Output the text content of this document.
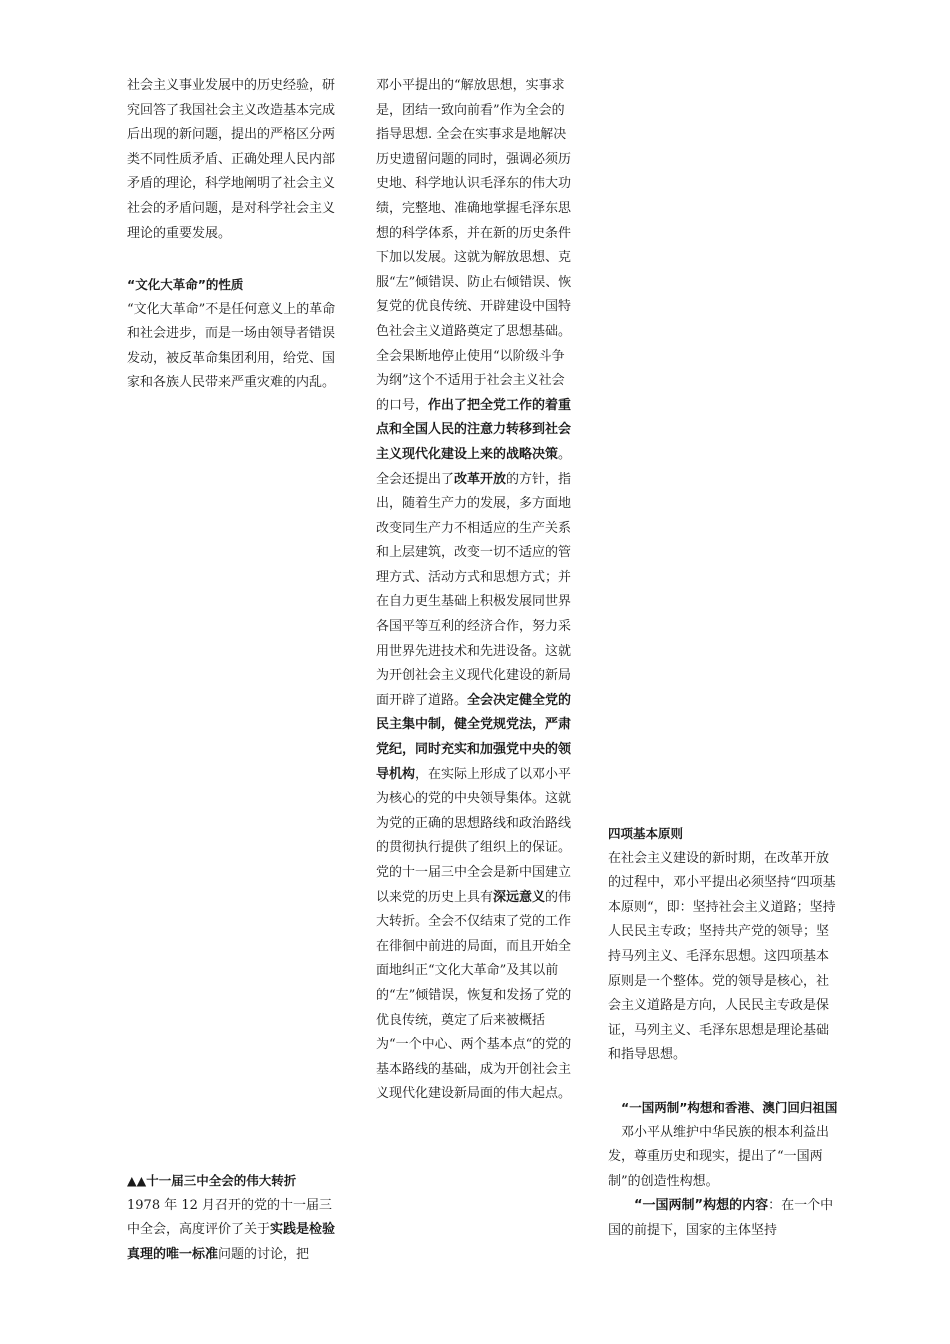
社会主义事业发展中的历史经验，研究回答了我国社会主义改造基本完成后出现的新问题，提出的严格区分两类不同性质矛盾、正确处理人民内部矛盾的理论，科学地阐明了社会主义社会的矛盾问题，是对科学社会主义理论的重要发展。

“文化大革命”的性质

“文化大革命”不是任何意义上的革命和社会进步，而是一场由领导者错误发动，被反革命集团利用，给党、国家和各族人民带来严重灾难的内乱。

▲▲十一届三中全会的伟大转折

1978 年 12 月召开的党的十一届三中全会，高度评价了关于实践是检验真理的唯一标准问题的讨论，把

邓小平提出的“解放思想，实事求是，团结一致向前看”作为全会的指导思想. 全会在实事求是地解决历史遗留问题的同时，强调必须历史地、科学地认识毛泽东的伟大功绩，完整地、准确地掌握毛泽东思想的科学体系，并在新的历史条件下加以发展。这就为解放思想、克服“左”倾错误、防止右倾错误、恢复党的优良传统、开辟建设中国特色社会主义道路奠定了思想基础。全会果断地停止使用“以阶级斗争为纲”这个不适用于社会主义社会的口号，作出了把全党工作的着重点和全国人民的注意力转移到社会主义现代化建设上来的战略决策。全会还提出了改革开放的方针，指出，随着生产力的发展，多方面地改变同生产力不相适应的生产关系和上层建筑，改变一切不适应的管理方式、活动方式和思想方式；并在自力更生基础上积极发展同世界各国平等互利的经济合作，努力采用世界先进技术和先进设备。这就为开创社会主义现代化建设的新局面开辟了道路。全会决定健全党的民主集中制，健全党规党法，严肃党纪，同时充实和加强党中央的领导机构，在实际上形成了以邓小平为核心的党的中央领导集体。这就为党的正确的思想路线和政治路线的贯彻执行提供了组织上的保证。党的十一届三中全会是新中国建立以来党的历史上具有深远意义的伟大转折。全会不仅结束了党的工作在徘徊中前进的局面，而且开始全面地纠正“文化大革命”及其以前的“左”倾错误，恢复和发扬了党的优良传统，奠定了后来被概括为“一个中心、两个基本点“的党的基本路线的基础，成为开创社会主义现代化建设新局面的伟大起点。

四项基本原则

在社会主义建设的新时期，在改革开放的过程中，邓小平提出必须坚持“四项基本原则“，即：坚持社会主义道路；坚持人民民主专政；坚持共产党的领导；坚持马列主义、毛泽东思想。这四项基本原则是一个整体。党的领导是核心，社会主义道路是方向，人民民主专政是保证，马列主义、毛泽东思想是理论基础和指导思想。

“一国两制”构想和香港、澳门回归祖国

邓小平从维护中华民族的根本利益出发，尊重历史和现实，提出了“一国两制”的创造性构想。

“一国两制”构想的内容：在一个中国的前提下，国家的主体坚持
